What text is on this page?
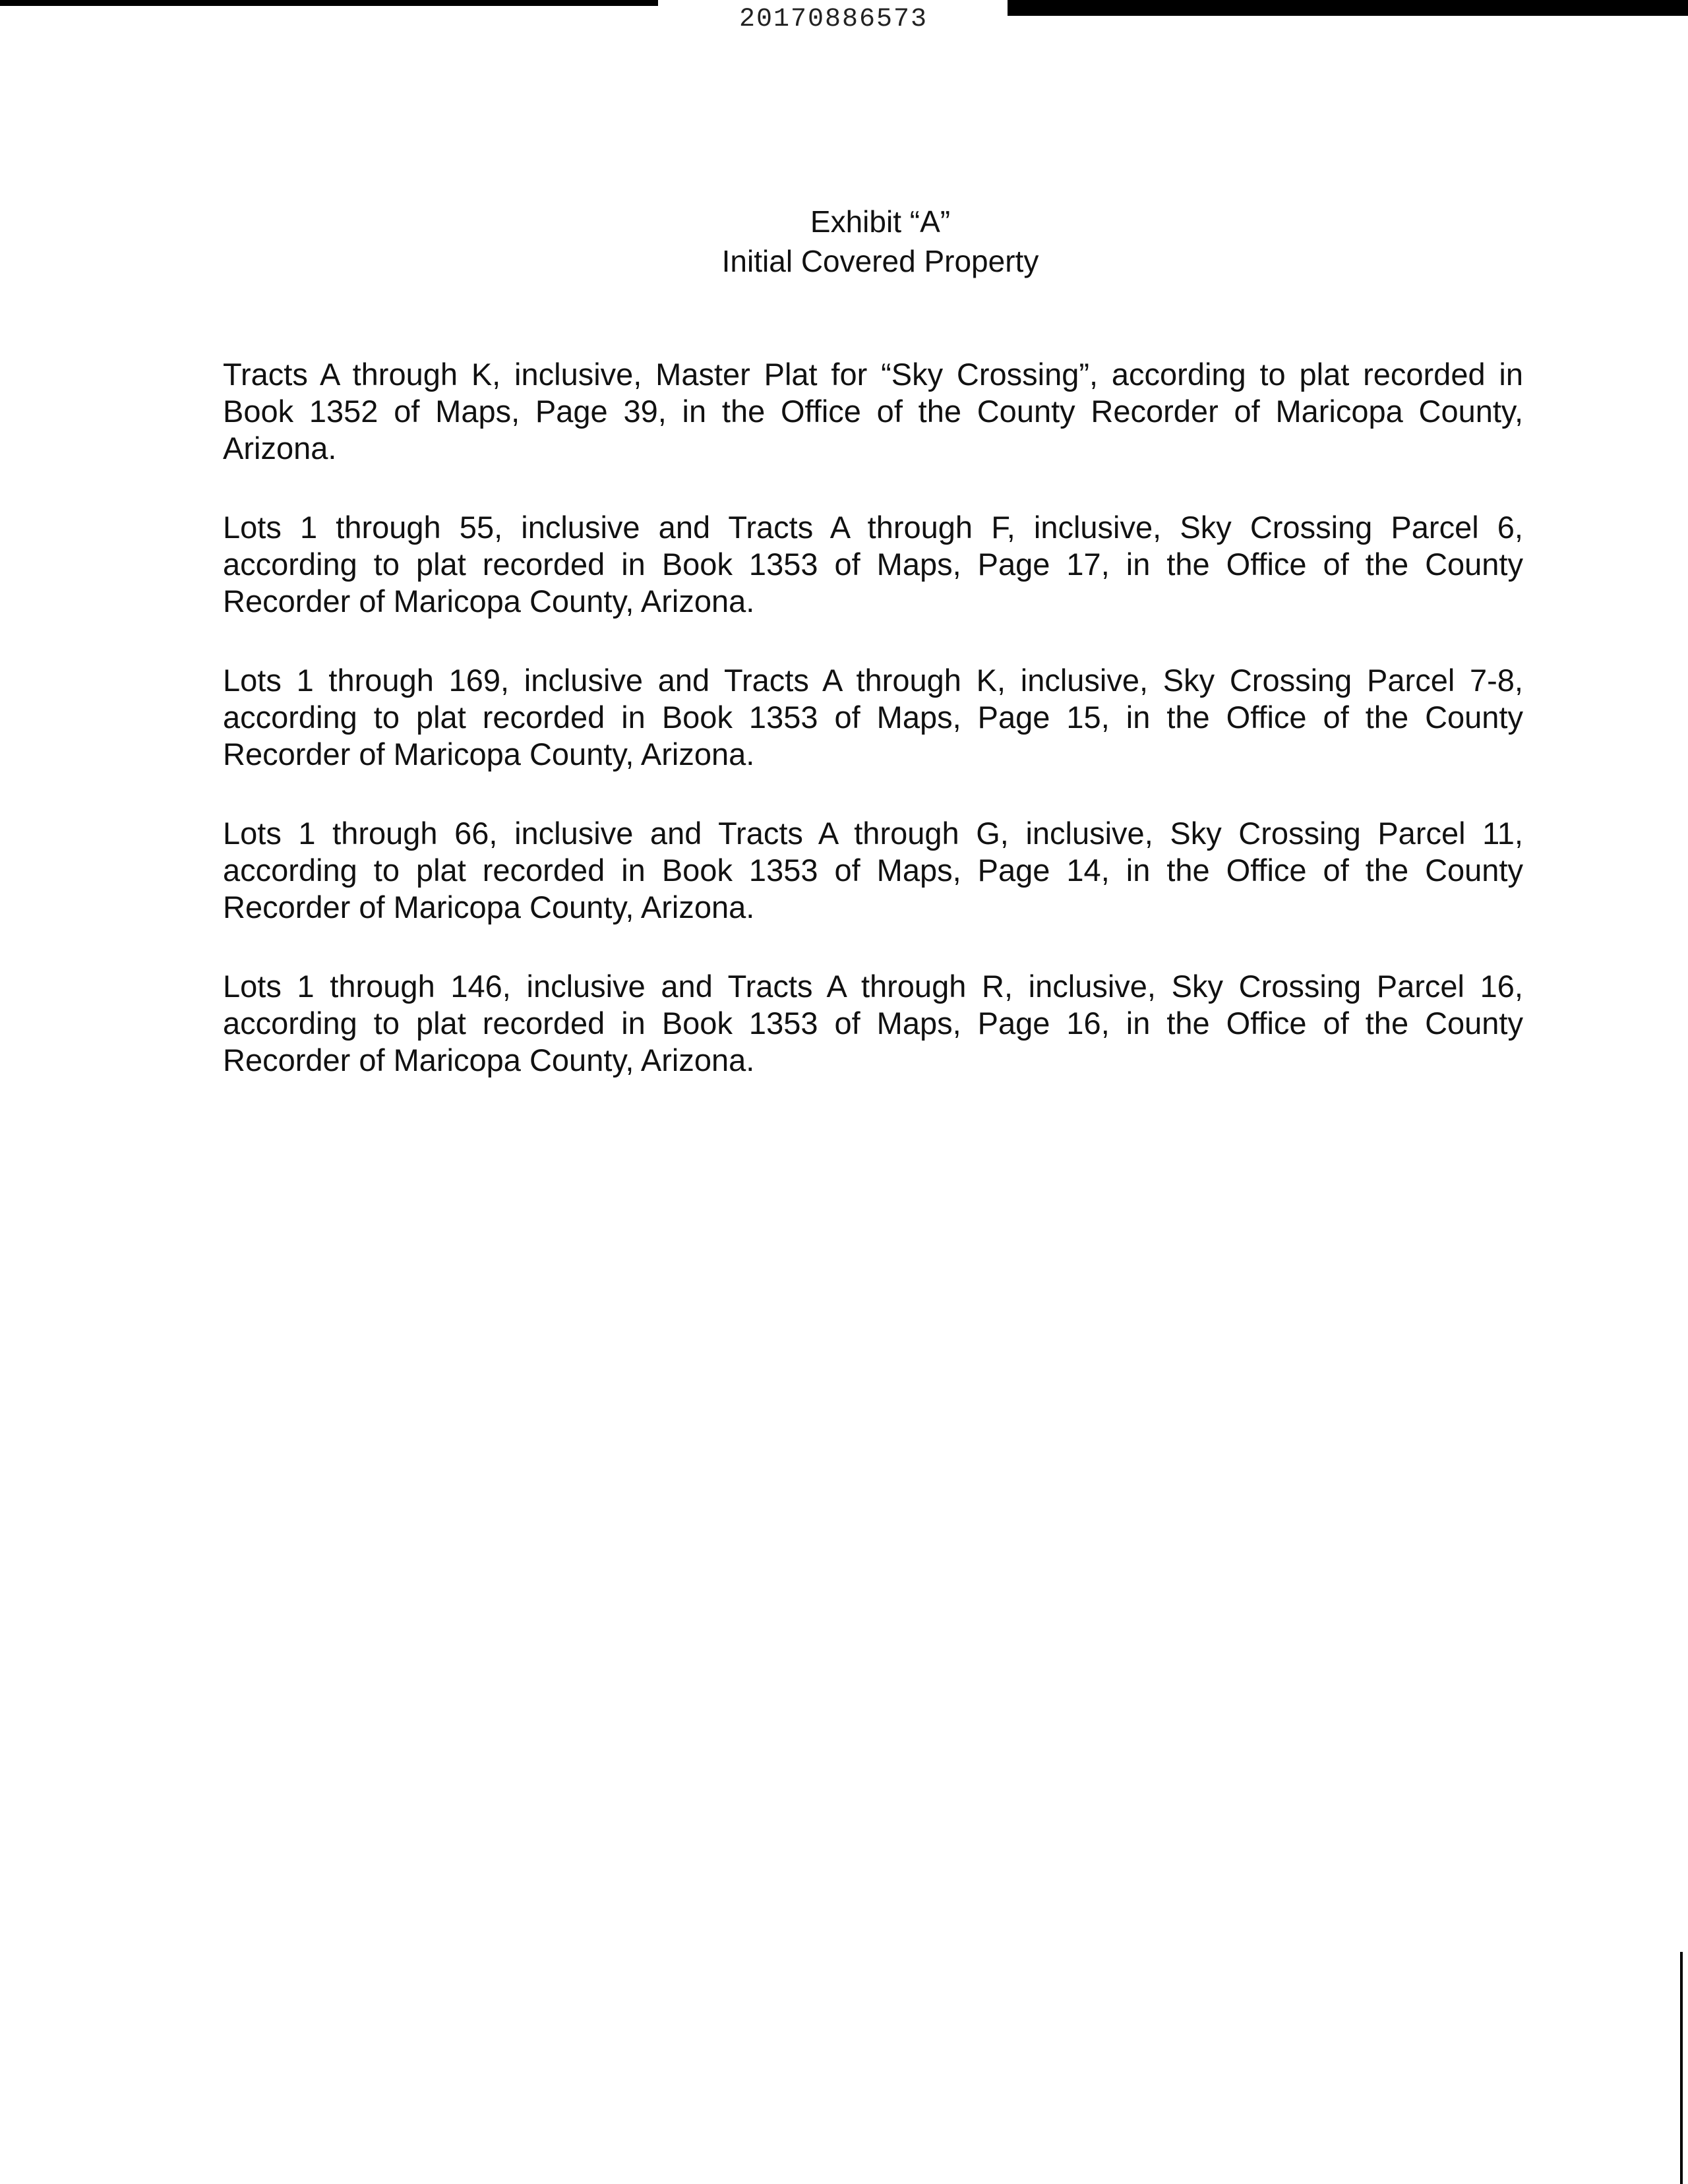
20170886573
Exhibit “A”
Initial Covered Property

Tracts A through K, inclusive, Master Plat for “Sky Crossing”, according to plat recorded in Book 1352 of Maps, Page 39, in the Office of the County Recorder of Maricopa County, Arizona.

Lots 1 through 55, inclusive and Tracts A through F, inclusive, Sky Crossing Parcel 6, according to plat recorded in Book 1353 of Maps, Page 17, in the Office of the County Recorder of Maricopa County, Arizona.

Lots 1 through 169, inclusive and Tracts A through K, inclusive, Sky Crossing Parcel 7-8, according to plat recorded in Book 1353 of Maps, Page 15, in the Office of the County Recorder of Maricopa County, Arizona.

Lots 1 through 66, inclusive and Tracts A through G, inclusive, Sky Crossing Parcel 11, according to plat recorded in Book 1353 of Maps, Page 14, in the Office of the County Recorder of Maricopa County, Arizona.

Lots 1 through 146, inclusive and Tracts A through R, inclusive, Sky Crossing Parcel 16, according to plat recorded in Book 1353 of Maps, Page 16, in the Office of the County Recorder of Maricopa County, Arizona.
